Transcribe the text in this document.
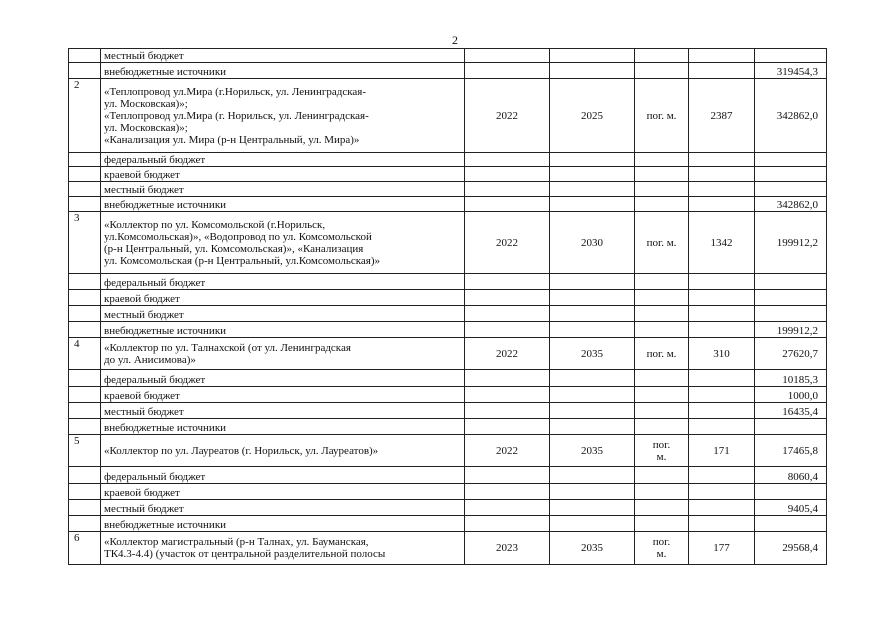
2
	местный бюджет					
	внебюджетные источники					319454,3
2	«Теплопровод ул.Мира (г.Норильск, ул. Ленинградская-
ул. Московская)»;
«Теплопровод ул.Мира (г. Норильск, ул. Ленинградская-
ул. Московская)»;
«Канализация ул. Мира (р-н Центральный, ул. Мира)»	2022	2025	пог. м.	2387	342862,0
	федеральный бюджет					
	краевой бюджет					
	местный бюджет					
	внебюджетные источники					342862,0
3	«Коллектор по ул. Комсомольской (г.Норильск,
ул.Комсомольская)», «Водопровод по ул. Комсомольской
(р-н Центральный, ул. Комсомольская)», «Канализация
ул. Комсомольская (р-н Центральный, ул.Комсомольская)»	2022	2030	пог. м.	1342	199912,2
	федеральный бюджет					
	краевой бюджет					
	местный бюджет					
	внебюджетные источники					199912,2
4	«Коллектор по ул. Талнахской (от ул. Ленинградская
до ул. Анисимова)»	2022	2035	пог. м.	310	27620,7
	федеральный бюджет					10185,3
	краевой бюджет					1000,0
	местный бюджет					16435,4
	внебюджетные источники					
5	«Коллектор по ул. Лауреатов (г. Норильск, ул. Лауреатов)»	2022	2035	пог.
м.	171	17465,8
	федеральный бюджет					8060,4
	краевой бюджет					
	местный бюджет					9405,4
	внебюджетные источники					
6	«Коллектор магистральный (р-н Талнах, ул. Бауманская,
ТК4.3-4.4) (участок от центральной разделительной полосы	2023	2035	пог.
м.	177	29568,4
